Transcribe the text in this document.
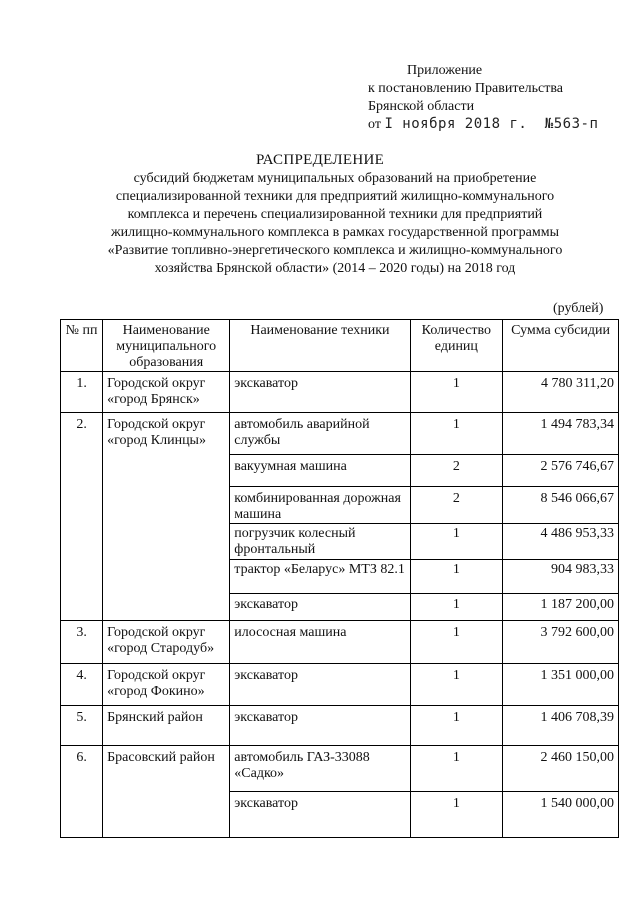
Приложение
к постановлению Правительства
Брянской области
от I ноября 2018 г. №563-п
РАСПРЕДЕЛЕНИЕ
субсидий бюджетам муниципальных образований на приобретение
специализированной техники для предприятий жилищно-коммунального
комплекса и перечень специализированной техники для предприятий
жилищно-коммунального комплекса в рамках государственной программы
«Развитие топливно-энергетического комплекса и жилищно-коммунального
хозяйства Брянской области» (2014 – 2020 годы) на 2018 год
(рублей)
№ пп	Наименование муниципального образования	Наименование техники	Количество единиц	Сумма субсидии
1.	Городской округ «город Брянск»	экскаватор	1	4 780 311,20
2.	Городской округ «город Клинцы»	автомобиль аварийной службы	1	1 494 783,34
		вакуумная машина	2	2 576 746,67
		комбинированная дорожная машина	2	8 546 066,67
		погрузчик колесный фронтальный	1	4 486 953,33
		трактор «Беларус» МТЗ 82.1	1	904 983,33
		экскаватор	1	1 187 200,00
3.	Городской округ «город Стародуб»	илососная машина	1	3 792 600,00
4.	Городской округ «город Фокино»	экскаватор	1	1 351 000,00
5.	Брянский район	экскаватор	1	1 406 708,39
6.	Брасовский район	автомобиль ГАЗ-33088 «Садко»	1	2 460 150,00
		экскаватор	1	1 540 000,00
